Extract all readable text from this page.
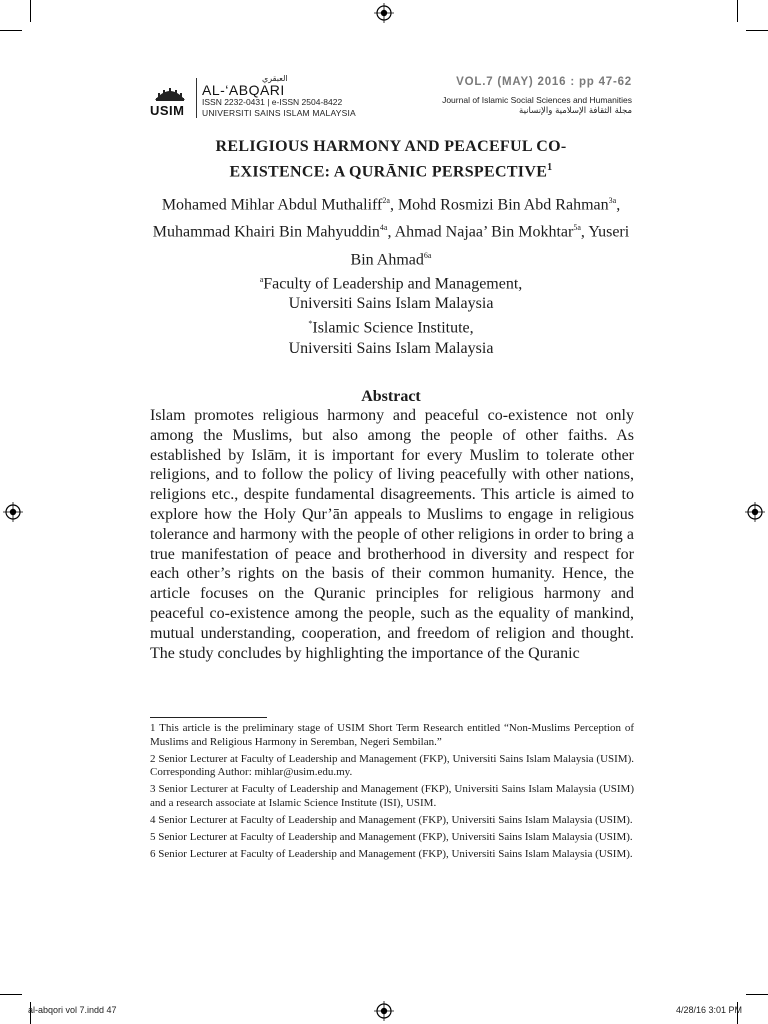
USIM
العبقري
AL-‘ABQARI
ISSN 2232-0431 | e-ISSN 2504-8422
UNIVERSITI SAINS ISLAM MALAYSIA
VOL.7 (MAY) 2016 : pp 47-62
Journal of Islamic Social Sciences and Humanities
مجلة الثقافة الإسلامية والإنسانية
RELIGIOUS HARMONY AND PEACEFUL CO-
EXISTENCE: A QURĀNIC PERSPECTIVE$^1$
Mohamed Mihlar Abdul Muthaliff$^{2a}$, Mohd Rosmizi Bin Abd Rahman$^{3a}$, Muhammad Khairi Bin Mahyuddin$^{4a}$, Ahmad Najaa’ Bin Mokhtar$^{5a}$, Yuseri Bin Ahmad$^{6a}$
$^a$Faculty of Leadership and Management,
Universiti Sains Islam Malaysia
*Islamic Science Institute,
Universiti Sains Islam Malaysia
Abstract
Islam promotes religious harmony and peaceful co-existence not only among the Muslims, but also among the people of other faiths. As established by Islām, it is important for every Muslim to tolerate other religions, and to follow the policy of living peacefully with other nations, religions etc., despite fundamental disagreements. This article is aimed to explore how the Holy Qur’ān appeals to Muslims to engage in religious tolerance and harmony with the people of other religions in order to bring a true manifestation of peace and brotherhood in diversity and respect for each other’s rights on the basis of their common humanity. Hence, the article focuses on the Quranic principles for religious harmony and peaceful co-existence among the people, such as the equality of mankind, mutual understanding, cooperation, and freedom of religion and thought. The study concludes by highlighting the importance of the Quranic

1 This article is the preliminary stage of USIM Short Term Research entitled “Non-Muslims Perception of Muslims and Religious Harmony in Seremban, Negeri Sembilan.”

2 Senior Lecturer at Faculty of Leadership and Management (FKP), Universiti Sains Islam Malaysia (USIM). Corresponding Author: mihlar@usim.edu.my.

3 Senior Lecturer at Faculty of Leadership and Management (FKP), Universiti Sains Islam Malaysia (USIM) and a research associate at Islamic Science Institute (ISI), USIM.

4 Senior Lecturer at Faculty of Leadership and Management (FKP), Universiti Sains Islam Malaysia (USIM).

5 Senior Lecturer at Faculty of Leadership and Management (FKP), Universiti Sains Islam Malaysia (USIM).

6 Senior Lecturer at Faculty of Leadership and Management (FKP), Universiti Sains Islam Malaysia (USIM).

al-abqori vol 7.indd 47	4/28/16 3:01 PM
